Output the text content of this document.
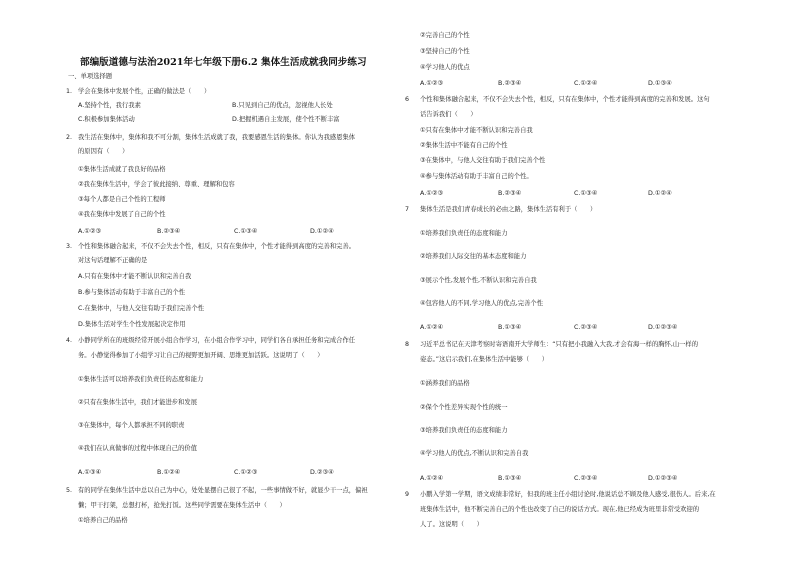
部编版道德与法治2021年七年级下册6.2 集体生活成就我同步练习
一、单项选择题
1. 学会在集体中发展个性，正确的做法是（　　）
A.坚持个性，我行我素	B.只见到自己的优点，忽视他人长处
C.积极参加集体活动	D.把握机遇自主发展，使个性不断丰富
2. 我生活在集体中，集体和我不可分割，集体生活成就了我，我要感恩生活的集体。你认为我感恩集体
的原因有（　　）
①集体生活成就了我良好的品格
②我在集体生活中，学会了彼此接纳、尊重、理解和包容
③每个人都是自己个性的工程师
④我在集体中发展了自己的个性
A.①②③	B.②③④	C.①③④	D.①②④
3. 个性和集体融合起来，不仅不会失去个性，相反，只有在集体中，个性才能得到高度的完善和完善。
对这句话理解不正确的是
A.只有在集体中才能不断认识和完善自我
B.参与集体活动有助于丰富自己的个性
C.在集体中，与他人交往有助于我们完善个性
D.集体生活对学生个性发展起决定作用
4. 小静同学所在的班级经常开展小组合作学习，在小组合作学习中，同学们各自承担任务和完成合作任
务。小静觉得参加了小组学习让自己的视野更加开阔、思维更加活跃。这说明了（　　）
①集体生活可以培养我们负责任的态度和能力
②只有在集体生活中，我们才能进步和发展
③在集体中，每个人都承担不同的职责
④我们在认真做事的过程中体现自己的价值
A.①③④	B.①②④	C.①②③	D.②③④
5. 有的同学在集体生活中总以自己为中心，处处显摆自己很了不起，一些事情做不好，就显少干一点，偏袒
懒；甲干打架，总想打杯，抢先打饭。这些同学需要在集体生活中（　　）
①培养自己的品格
②完善自己的个性
③坚持自己的个性
④学习他人的优点
A.①②③	B.②③④	C.①②④	D.①③④
6 个性和集体融合起来，不仅不会失去个性，相反，只有在集体中，个性才能得到高度的完善和发展。这句
话告诉我们（　　）
①只有在集体中才能不断认识和完善自我
②集体生活中不能有自己的个性
③在集体中，与他人交往有助于我们完善个性
④参与集体活动有助于丰富自己的个性。
A.①②③	B.②③④	C.①③④	D.①②④
7 集体生活是我们青春成长的必由之路，集体生活有利于（　　）
①培养我们负责任的态度和能力
②培养我们人际交往的基本态度和能力
③展示个性,发展个性,不断认识和完善自我
④包容他人的不同,学习他人的优点,完善个性
A.①②④	B.①③④	C.②③④	D.①②③④
8 习近平总书记在天津考察时寄语南开大学师生：“只有把小我融入大我,才会有海一样的胸怀,山一样的
姿态。”这启示我们,在集体生活中能够（　　）
①涵养我们的品格
②保个个性差异实现个性的统一
③培养我们负责任的态度和能力
④学习他人的优点,不断认识和完善自我
A.①②④	B.①③④	C.②③④	D.①②③④
9 小鹏入学第一学期，语文成绩非常好，但我的班主任小组讨论时,他说话总不顾及他人感受,很伤人。后来,在
班集体生活中，他不断完善自己的个性也改变了自己的说话方式。现在,他已经成为班里非常受欢迎的
人了。这说明（　　）
